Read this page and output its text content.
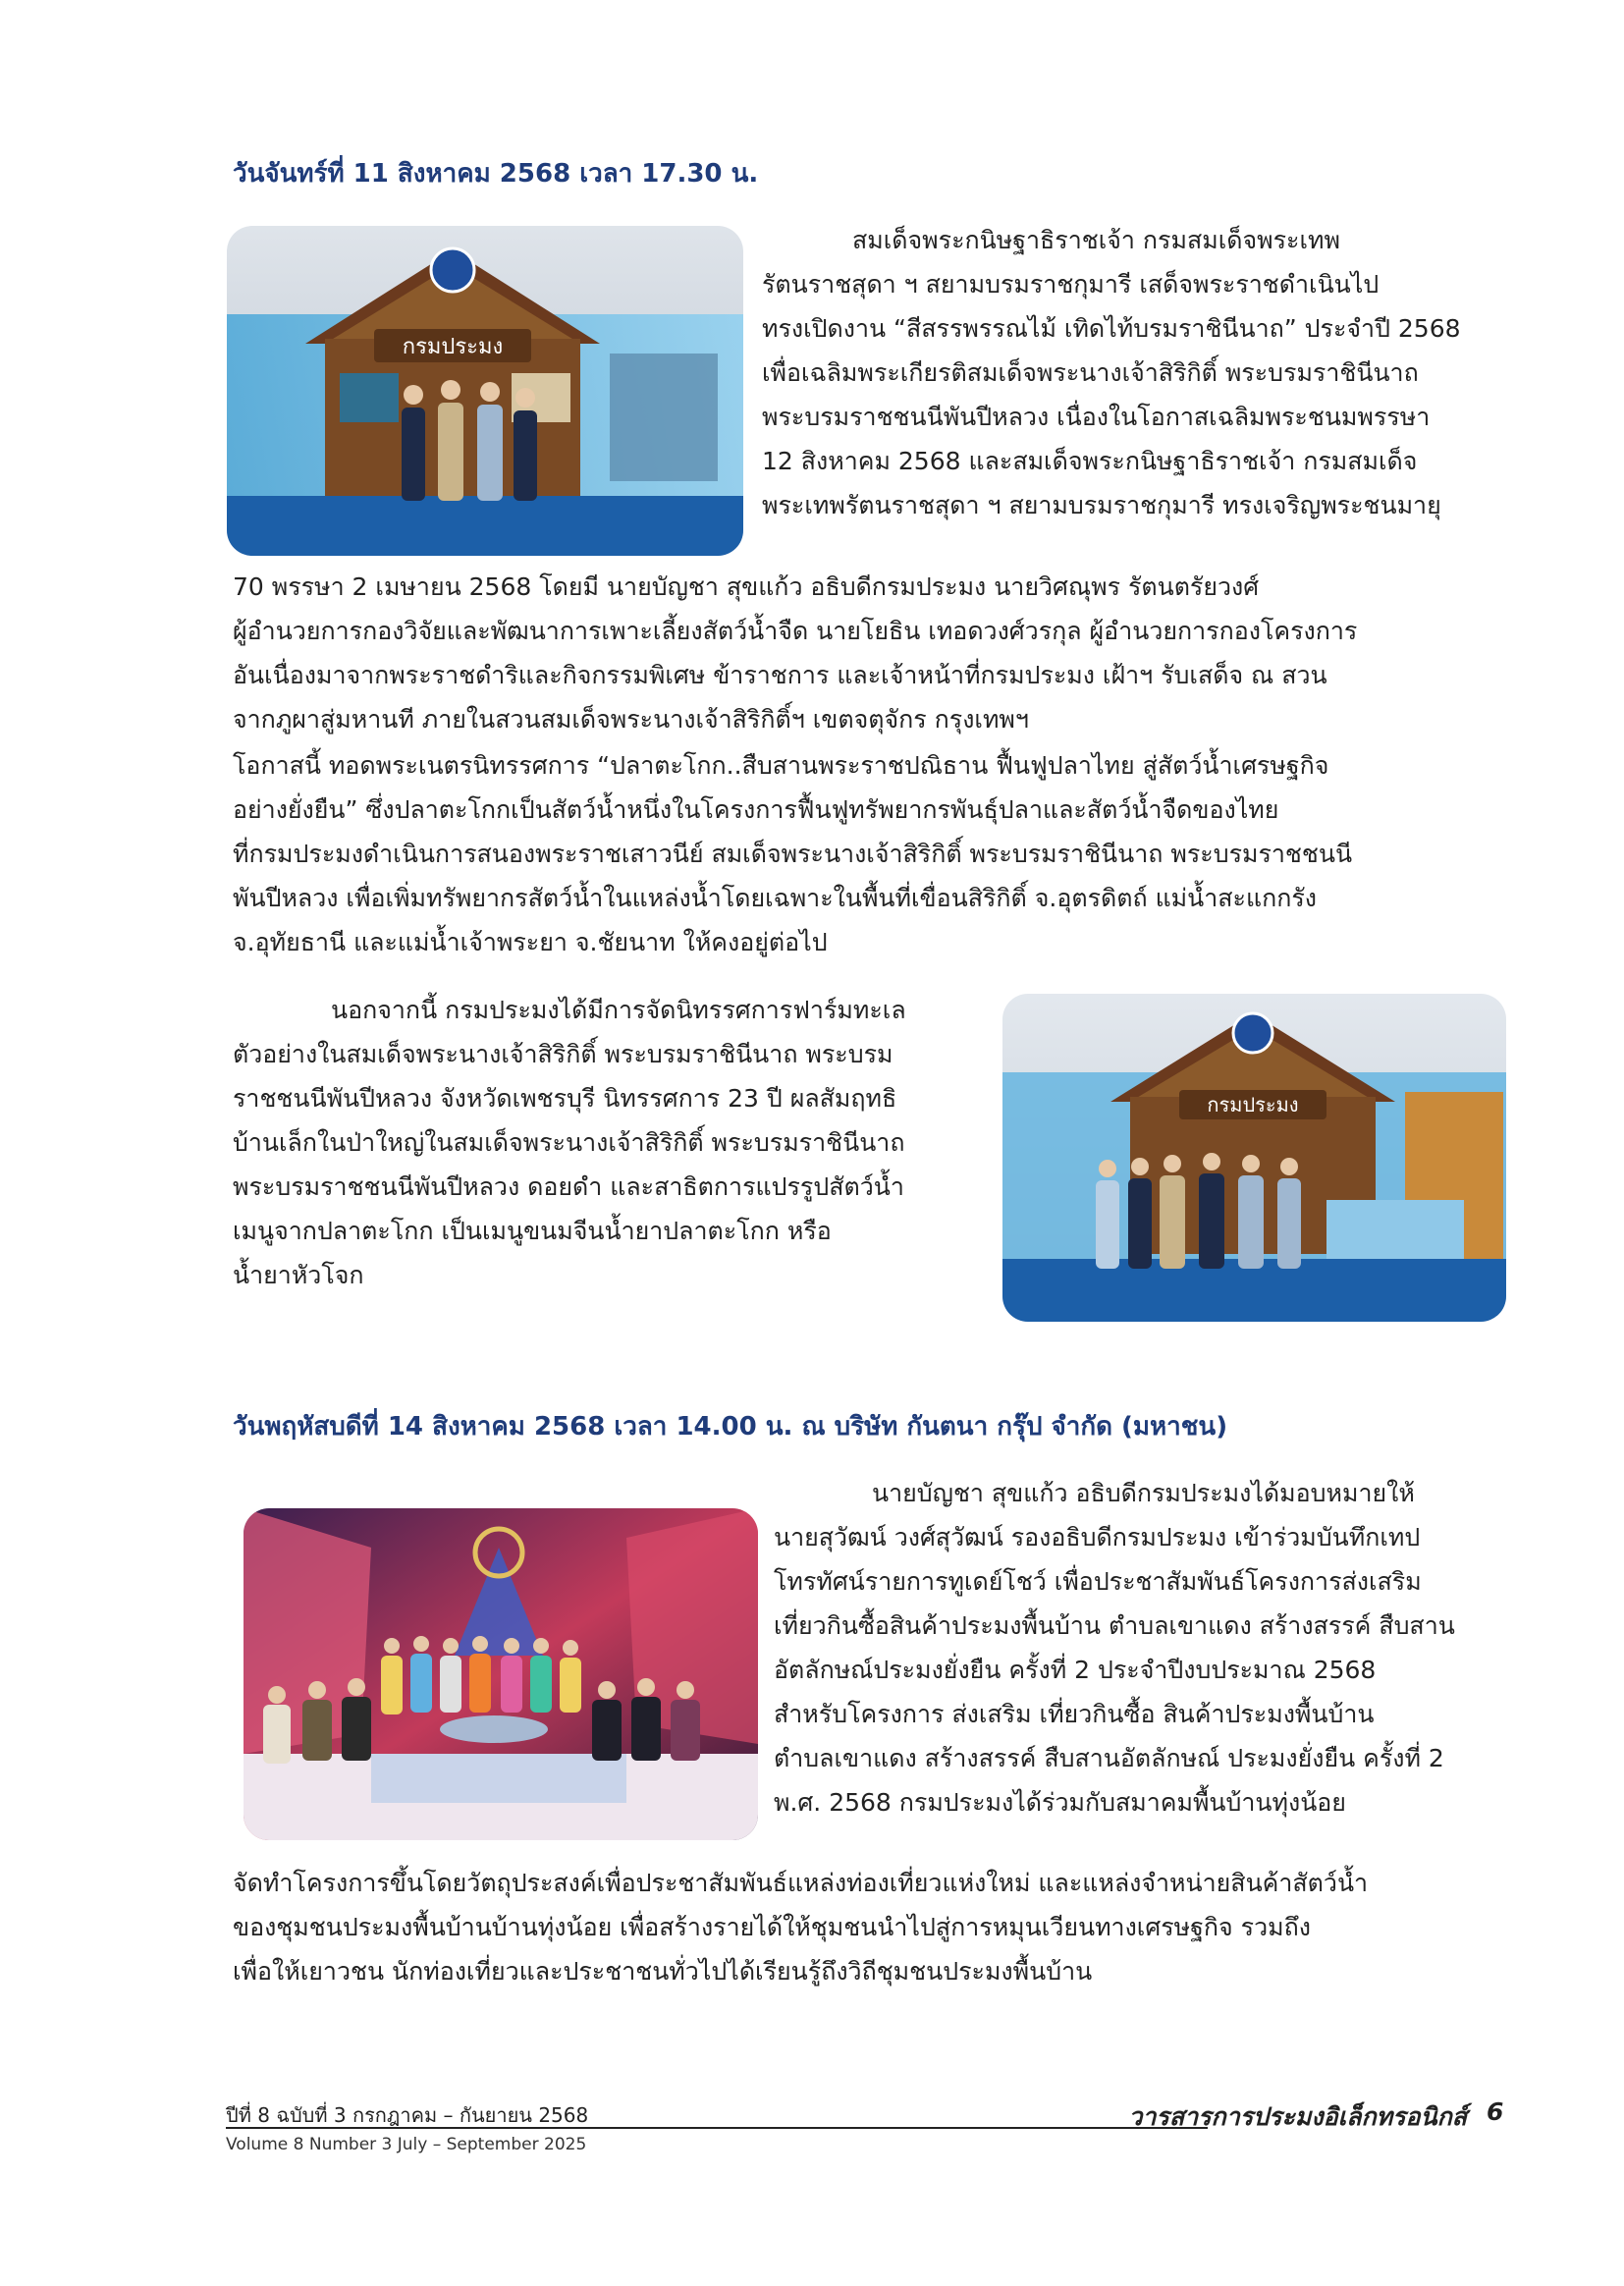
วันจันทร์ที่ 11 สิงหาคม 2568 เวลา 17.30 น.
กรมประมง
สมเด็จพระกนิษฐาธิราชเจ้า กรมสมเด็จพระเทพ
รัตนราชสุดา ฯ สยามบรมราชกุมารี เสด็จพระราชดำเนินไป
ทรงเปิดงาน “สีสรรพรรณไม้ เทิดไท้บรมราชินีนาถ” ประจำปี 2568
เพื่อเฉลิมพระเกียรติสมเด็จพระนางเจ้าสิริกิติ์ พระบรมราชินีนาถ
พระบรมราชชนนีพันปีหลวง เนื่องในโอกาสเฉลิมพระชนมพรรษา
12 สิงหาคม 2568 และสมเด็จพระกนิษฐาธิราชเจ้า กรมสมเด็จ
พระเทพรัตนราชสุดา ฯ สยามบรมราชกุมารี ทรงเจริญพระชนมายุ
70 พรรษา 2 เมษายน 2568 โดยมี นายบัญชา สุขแก้ว อธิบดีกรมประมง นายวิศณุพร รัตนตรัยวงศ์
ผู้อำนวยการกองวิจัยและพัฒนาการเพาะเลี้ยงสัตว์น้ำจืด นายโยธิน เทอดวงศ์วรกุล ผู้อำนวยการกองโครงการ
อันเนื่องมาจากพระราชดำริและกิจกรรมพิเศษ ข้าราชการ และเจ้าหน้าที่กรมประมง เฝ้าฯ รับเสด็จ ณ สวน
จากภูผาสู่มหานที ภายในสวนสมเด็จพระนางเจ้าสิริกิติ์ฯ เขตจตุจักร กรุงเทพฯ
โอกาสนี้ ทอดพระเนตรนิทรรศการ “ปลาตะโกก..สืบสานพระราชปณิธาน ฟื้นฟูปลาไทย สู่สัตว์น้ำเศรษฐกิจ
อย่างยั่งยืน” ซึ่งปลาตะโกกเป็นสัตว์น้ำหนึ่งในโครงการฟื้นฟูทรัพยากรพันธุ์ปลาและสัตว์น้ำจืดของไทย
ที่กรมประมงดำเนินการสนองพระราชเสาวนีย์ สมเด็จพระนางเจ้าสิริกิติ์ พระบรมราชินีนาถ พระบรมราชชนนี
พันปีหลวง เพื่อเพิ่มทรัพยากรสัตว์น้ำในแหล่งน้ำโดยเฉพาะในพื้นที่เขื่อนสิริกิติ์ จ.อุตรดิตถ์ แม่น้ำสะแกกรัง
จ.อุทัยธานี และแม่น้ำเจ้าพระยา จ.ชัยนาท ให้คงอยู่ต่อไป
นอกจากนี้ กรมประมงได้มีการจัดนิทรรศการฟาร์มทะเล
ตัวอย่างในสมเด็จพระนางเจ้าสิริกิติ์ พระบรมราชินีนาถ พระบรม
ราชชนนีพันปีหลวง จังหวัดเพชรบุรี นิทรรศการ 23 ปี ผลสัมฤทธิ
บ้านเล็กในป่าใหญ่ในสมเด็จพระนางเจ้าสิริกิติ์ พระบรมราชินีนาถ
พระบรมราชชนนีพันปีหลวง ดอยดำ และสาธิตการแปรรูปสัตว์น้ำ
เมนูจากปลาตะโกก เป็นเมนูขนมจีนน้ำยาปลาตะโกก หรือ
น้ำยาหัวโจก
กรมประมง
วันพฤหัสบดีที่ 14 สิงหาคม 2568 เวลา 14.00 น. ณ บริษัท กันตนา กรุ๊ป จำกัด (มหาชน)
นายบัญชา สุขแก้ว อธิบดีกรมประมงได้มอบหมายให้
นายสุวัฒน์ วงศ์สุวัฒน์ รองอธิบดีกรมประมง เข้าร่วมบันทึกเทป
โทรทัศน์รายการทูเดย์โชว์ เพื่อประชาสัมพันธ์โครงการส่งเสริม
เที่ยวกินซื้อสินค้าประมงพื้นบ้าน ตำบลเขาแดง สร้างสรรค์ สืบสาน
อัตลักษณ์ประมงยั่งยืน ครั้งที่ 2 ประจำปีงบประมาณ 2568
สำหรับโครงการ ส่งเสริม เที่ยวกินซื้อ สินค้าประมงพื้นบ้าน
ตำบลเขาแดง สร้างสรรค์ สืบสานอัตลักษณ์ ประมงยั่งยืน ครั้งที่ 2
พ.ศ. 2568 กรมประมงได้ร่วมกับสมาคมพื้นบ้านทุ่งน้อย
จัดทำโครงการขึ้นโดยวัตถุประสงค์เพื่อประชาสัมพันธ์แหล่งท่องเที่ยวแห่งใหม่ และแหล่งจำหน่ายสินค้าสัตว์น้ำ
ของชุมชนประมงพื้นบ้านบ้านทุ่งน้อย เพื่อสร้างรายได้ให้ชุมชนนำไปสู่การหมุนเวียนทางเศรษฐกิจ รวมถึง
เพื่อให้เยาวชน นักท่องเที่ยวและประชาชนทั่วไปได้เรียนรู้ถึงวิถีชุมชนประมงพื้นบ้าน
ปีที่ 8 ฉบับที่ 3 กรกฎาคม – กันยายน 2568
Volume 8 Number 3 July – September 2025
วารสารการประมงอิเล็กทรอนิกส์ 6
